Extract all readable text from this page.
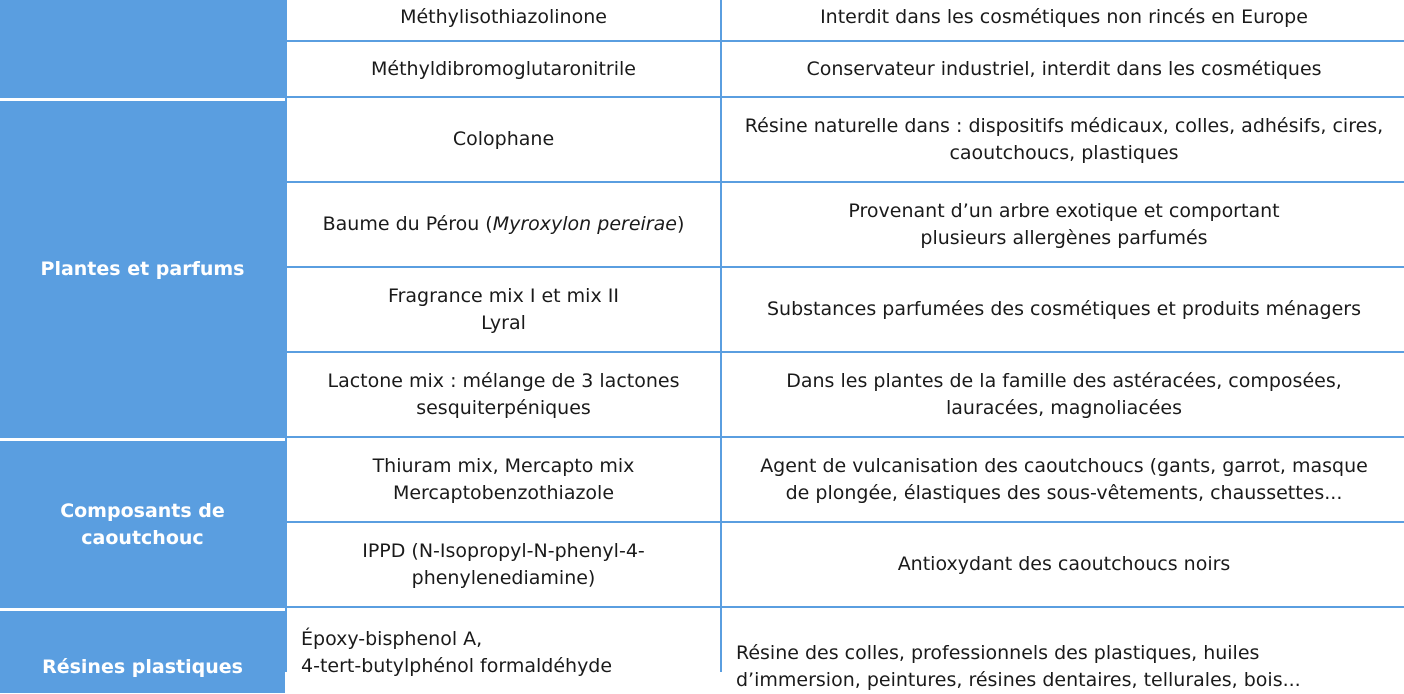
Plantes et parfums
Composants de
caoutchouc
Résines plastiques
Méthylisothiazolinone	Interdit dans les cosmétiques non rincés en Europe
Méthyldibromoglutaronitrile	Conservateur industriel, interdit dans les cosmétiques
Colophane
Résine naturelle dans : dispositifs médicaux, colles, adhésifs, cires,
caoutchoucs, plastiques
Baume du Pérou (Myroxylon pereirae)
Provenant d’un arbre exotique et comportant
plusieurs allergènes parfumés
Fragrance mix I et mix II
Lyral
Substances parfumées des cosmétiques et produits ménagers
Lactone mix : mélange de 3 lactones
sesquiterpéniques
Dans les plantes de la famille des astéracées, composées,
lauracées, magnoliacées
Thiuram mix, Mercapto mix
Mercaptobenzothiazole
Agent de vulcanisation des caoutchoucs (gants, garrot, masque
de plongée, élastiques des sous-vêtements, chaussettes...
IPPD (N-Isopropyl-N-phenyl-4-
phenylenediamine)
Antioxydant des caoutchoucs noirs
Époxy-bisphenol A,
4-tert-butylphénol formaldéhyde
Résine des colles, professionnels des plastiques, huiles
d’immersion, peintures, résines dentaires, tellurales, bois...
